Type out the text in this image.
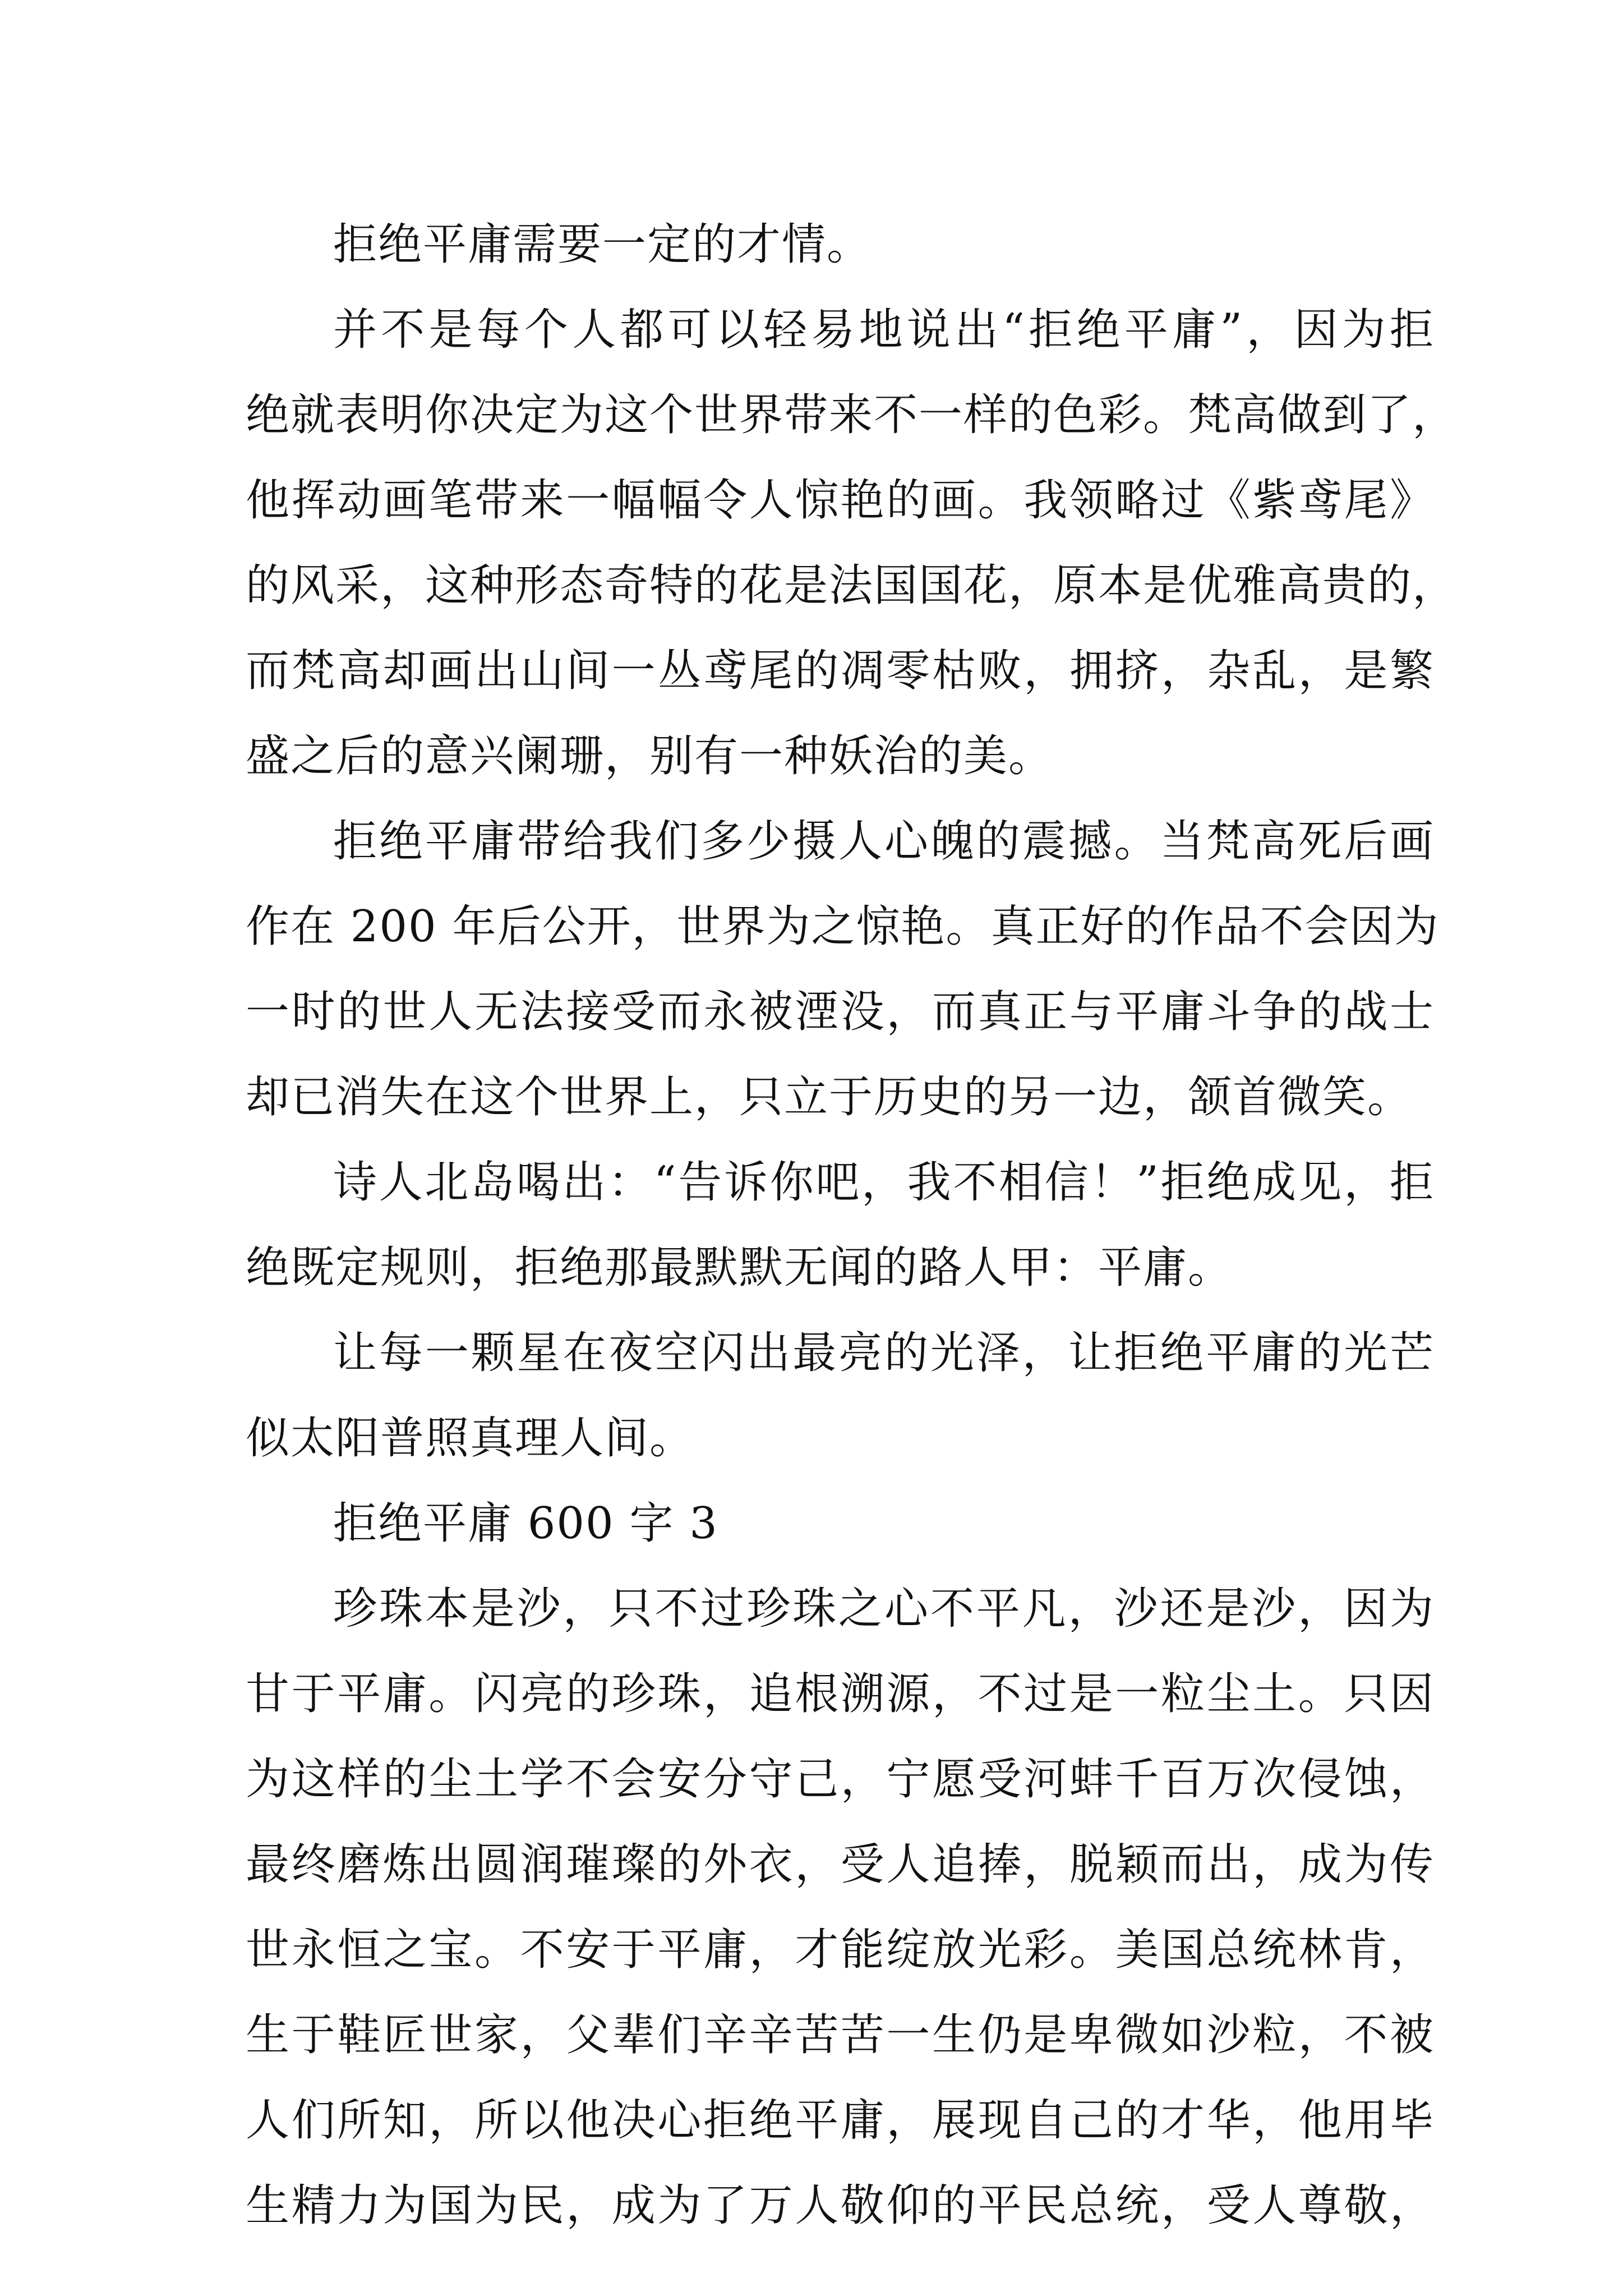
拒绝平庸需要一定的才情。
并不是每个人都可以轻易地说出“拒绝平庸”，因为拒
绝就表明你决定为这个世界带来不一样的色彩。梵高做到了，
他挥动画笔带来一幅幅令人惊艳的画。我领略过《紫鸢尾》
的风采，这种形态奇特的花是法国国花，原本是优雅高贵的，
而梵高却画出山间一丛鸢尾的凋零枯败，拥挤，杂乱，是繁
盛之后的意兴阑珊，别有一种妖治的美。
拒绝平庸带给我们多少摄人心魄的震撼。当梵高死后画
作在 200 年后公开，世界为之惊艳。真正好的作品不会因为
一时的世人无法接受而永被湮没，而真正与平庸斗争的战士
却已消失在这个世界上，只立于历史的另一边，颔首微笑。
诗人北岛喝出：“告诉你吧，我不相信！”拒绝成见，拒
绝既定规则，拒绝那最默默无闻的路人甲：平庸。
让每一颗星在夜空闪出最亮的光泽，让拒绝平庸的光芒
似太阳普照真理人间。
拒绝平庸 600 字 3
珍珠本是沙，只不过珍珠之心不平凡，沙还是沙，因为
甘于平庸。闪亮的珍珠，追根溯源，不过是一粒尘土。只因
为这样的尘土学不会安分守己，宁愿受河蚌千百万次侵蚀，
最终磨炼出圆润璀璨的外衣，受人追捧，脱颖而出，成为传
世永恒之宝。不安于平庸，才能绽放光彩。美国总统林肯，
生于鞋匠世家，父辈们辛辛苦苦一生仍是卑微如沙粒，不被
人们所知，所以他决心拒绝平庸，展现自己的才华，他用毕
生精力为国为民，成为了万人敬仰的平民总统，受人尊敬，
